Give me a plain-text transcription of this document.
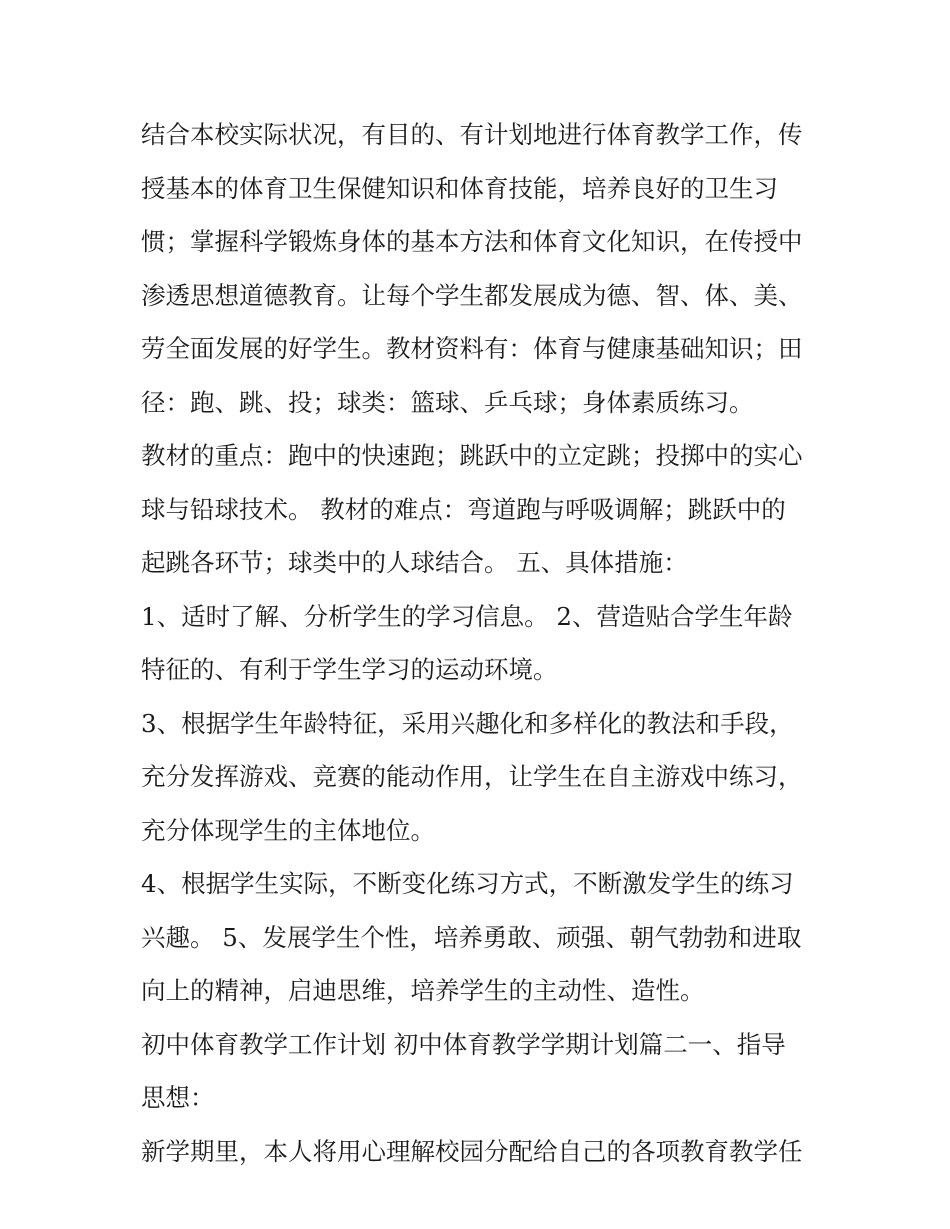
结合本校实际状况，有目的、有计划地进行体育教学工作，传
授基本的体育卫生保健知识和体育技能，培养良好的卫生习
惯；掌握科学锻炼身体的基本方法和体育文化知识，在传授中
渗透思想道德教育。让每个学生都发展成为德、智、体、美、
劳全面发展的好学生。教材资料有：体育与健康基础知识；田
径：跑、跳、投；球类：篮球、乒乓球；身体素质练习。
教材的重点：跑中的快速跑；跳跃中的立定跳；投掷中的实心
球与铅球技术。 教材的难点：弯道跑与呼吸调解；跳跃中的
起跳各环节；球类中的人球结合。 五、具体措施：
1、适时了解、分析学生的学习信息。 2、营造贴合学生年龄
特征的、有利于学生学习的运动环境。
3、根据学生年龄特征，采用兴趣化和多样化的教法和手段，
充分发挥游戏、竞赛的能动作用，让学生在自主游戏中练习，
充分体现学生的主体地位。
4、根据学生实际，不断变化练习方式，不断激发学生的练习
兴趣。 5、发展学生个性，培养勇敢、顽强、朝气勃勃和进取
向上的精神，启迪思维，培养学生的主动性、造性。
初中体育教学工作计划 初中体育教学学期计划篇二一、指导
思想：
新学期里，本人将用心理解校园分配给自己的各项教育教学任
